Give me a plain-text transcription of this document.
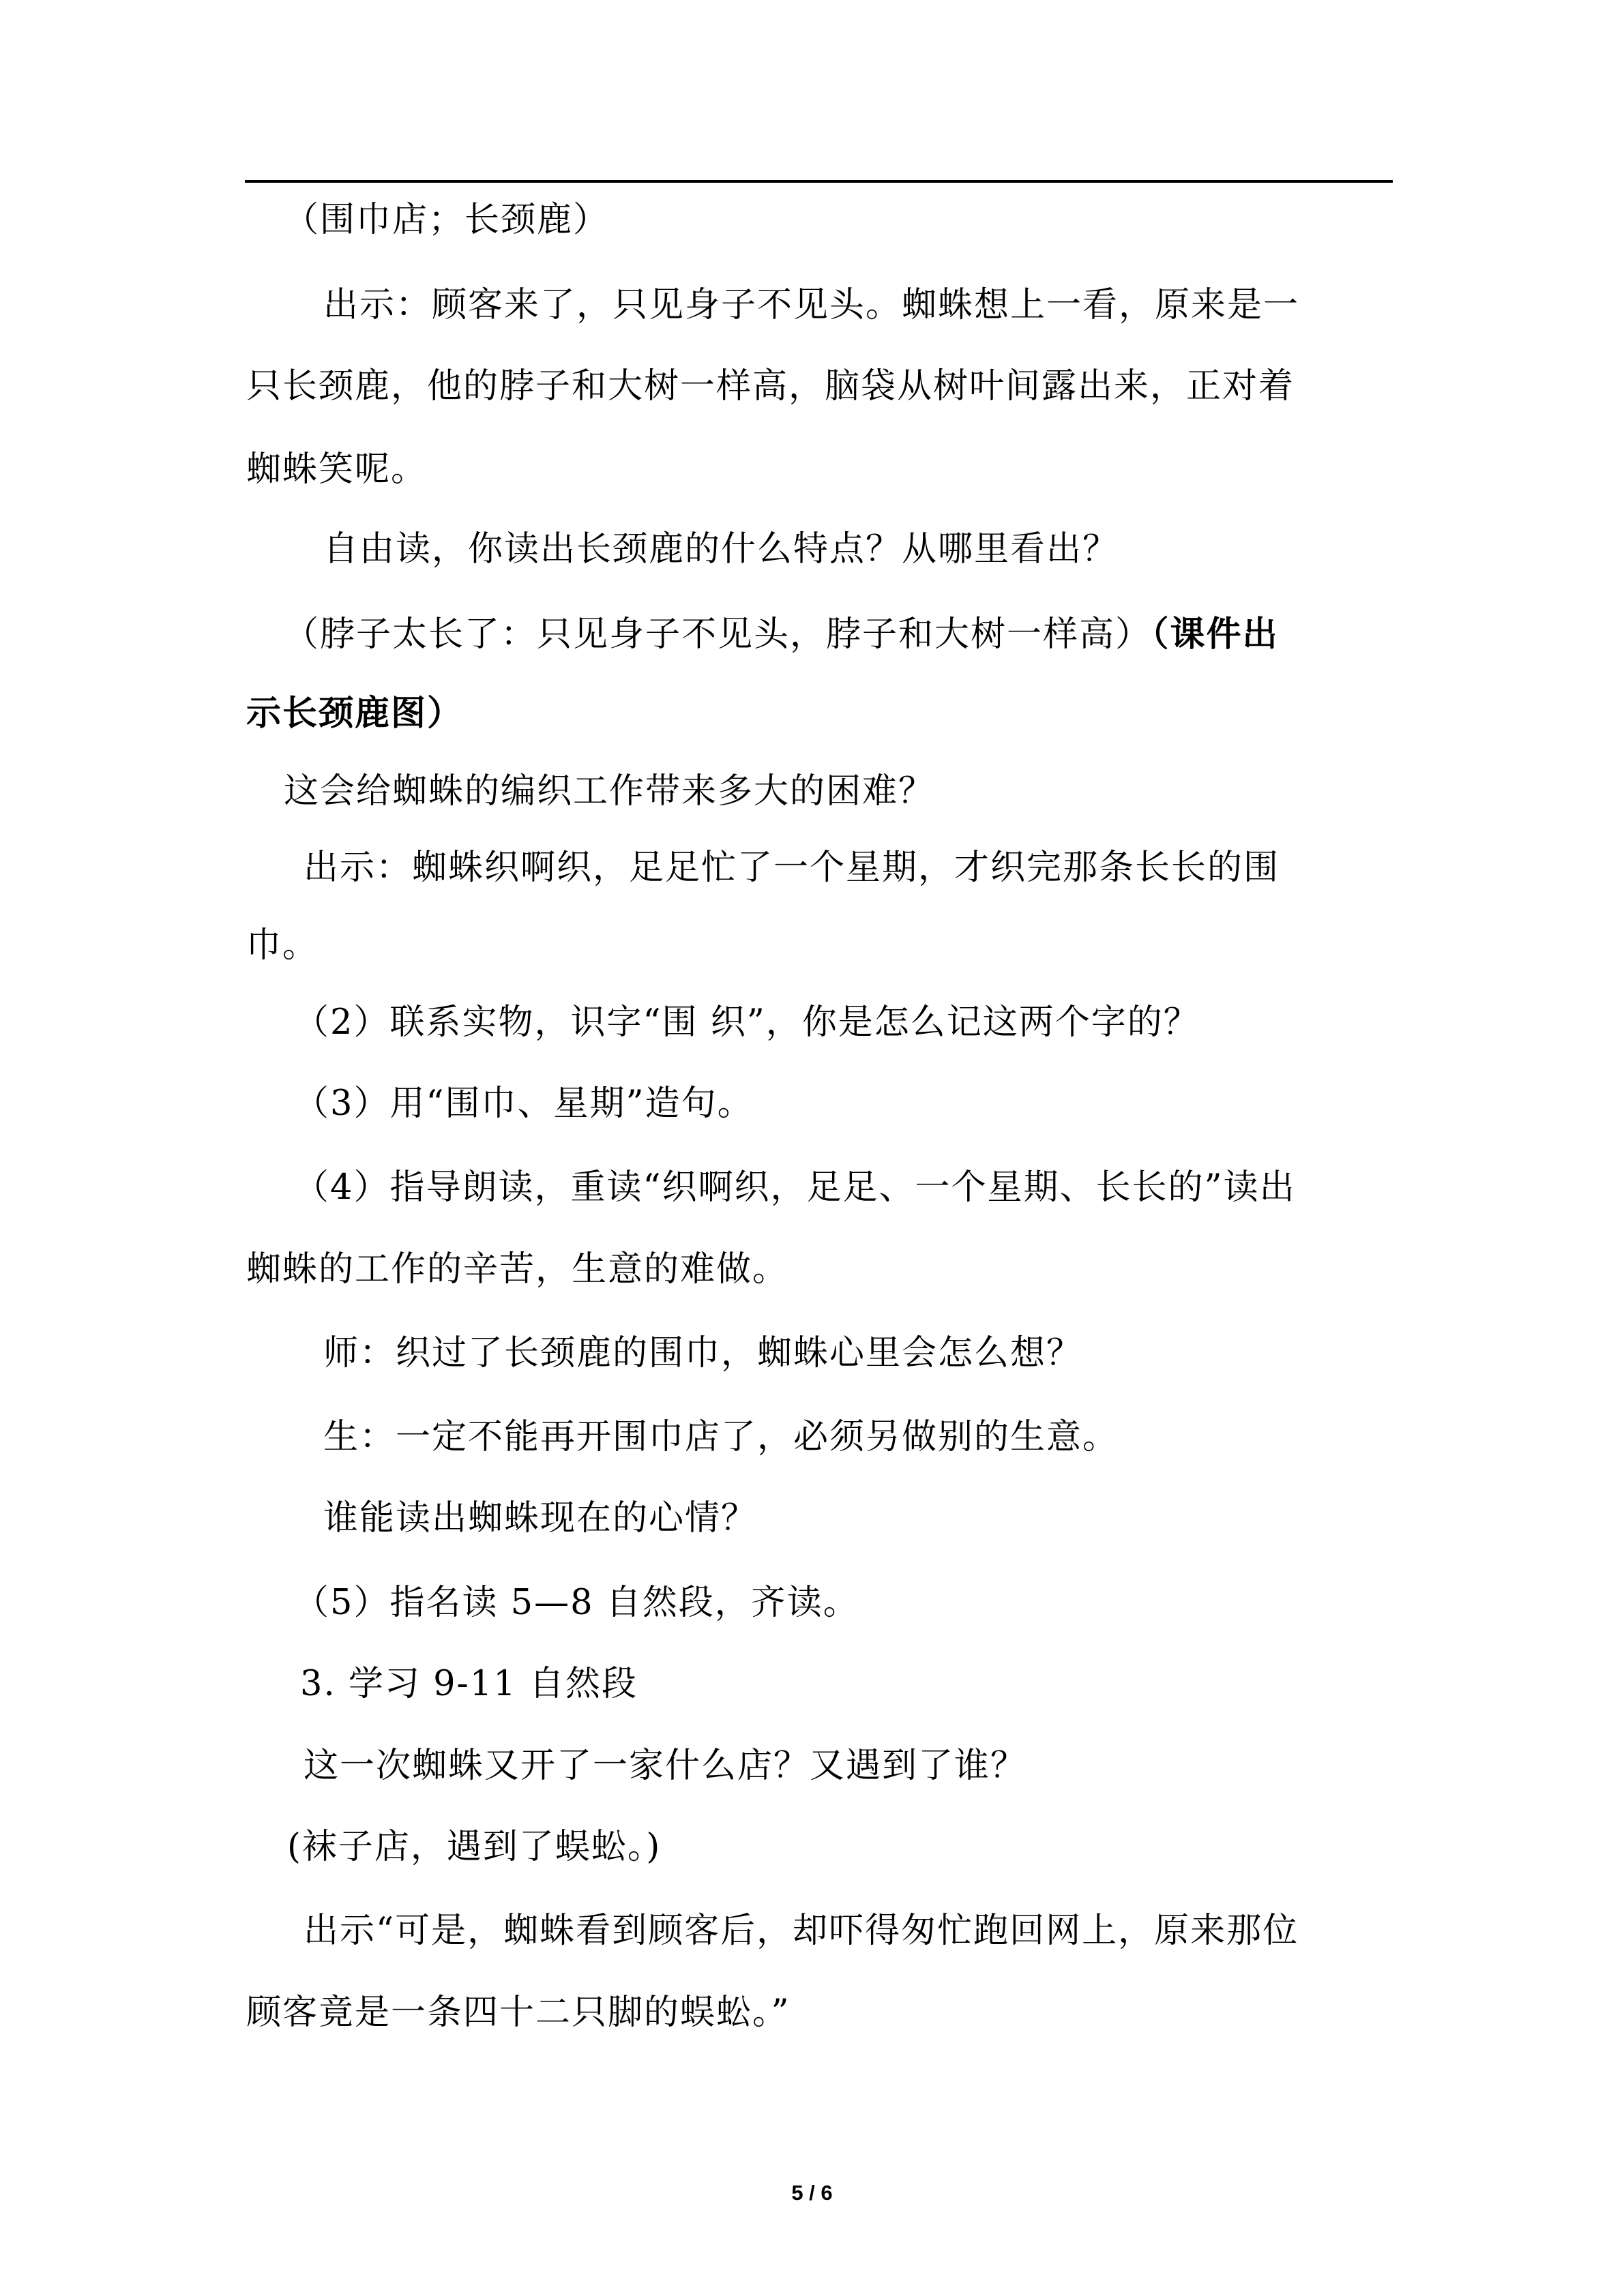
（围巾店；长颈鹿）
出示：顾客来了，只见身子不见头。蜘蛛想上一看，原来是一
只长颈鹿，他的脖子和大树一样高，脑袋从树叶间露出来，正对着
蜘蛛笑呢。
自由读，你读出长颈鹿的什么特点？从哪里看出？
（脖子太长了：只见身子不见头，脖子和大树一样高）（课件出
示长颈鹿图）
这会给蜘蛛的编织工作带来多大的困难？
出示：蜘蛛织啊织，足足忙了一个星期，才织完那条长长的围
巾。
（2）联系实物，识字“围 织”，你是怎么记这两个字的？
（3）用“围巾、星期”造句。
（4）指导朗读，重读“织啊织，足足、一个星期、长长的”读出
蜘蛛的工作的辛苦，生意的难做。
师：织过了长颈鹿的围巾，蜘蛛心里会怎么想？
生：一定不能再开围巾店了，必须另做别的生意。
谁能读出蜘蛛现在的心情？
（5）指名读 5—8 自然段，齐读。
3. 学习 9-11 自然段
这一次蜘蛛又开了一家什么店？又遇到了谁？
(袜子店，遇到了蜈蚣。)
出示“可是，蜘蛛看到顾客后，却吓得匆忙跑回网上，原来那位
顾客竟是一条四十二只脚的蜈蚣。”
5 / 6
